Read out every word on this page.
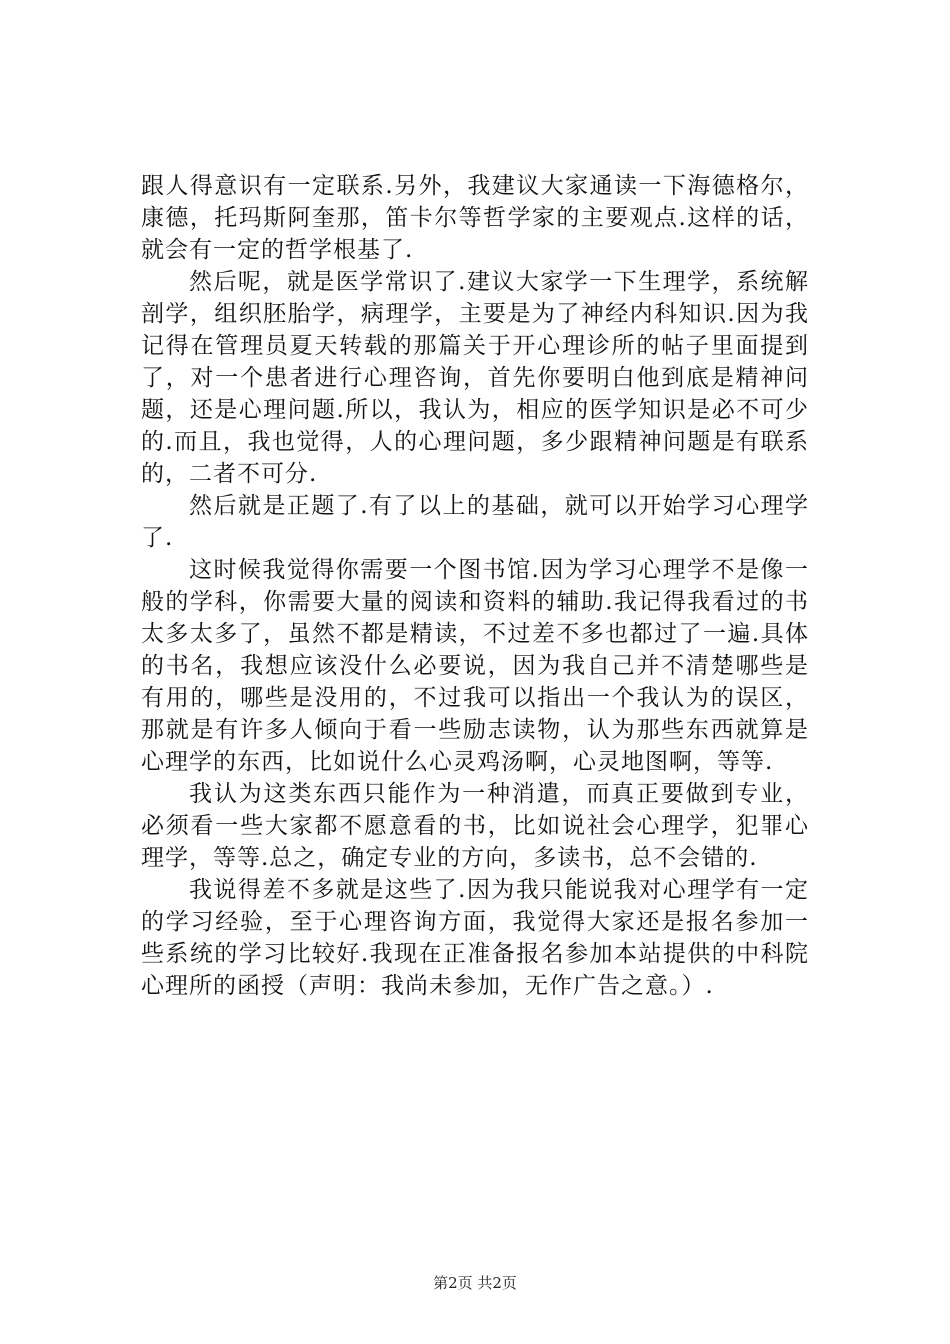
跟人得意识有一定联系.另外，我建议大家通读一下海德格尔，康德，托玛斯阿奎那，笛卡尔等哲学家的主要观点.这样的话，就会有一定的哲学根基了.

然后呢，就是医学常识了.建议大家学一下生理学，系统解剖学，组织胚胎学，病理学，主要是为了神经内科知识.因为我记得在管理员夏天转载的那篇关于开心理诊所的帖子里面提到了，对一个患者进行心理咨询，首先你要明白他到底是精神问题，还是心理问题.所以，我认为，相应的医学知识是必不可少的.而且，我也觉得，人的心理问题，多少跟精神问题是有联系的，二者不可分.

然后就是正题了.有了以上的基础，就可以开始学习心理学了.

这时候我觉得你需要一个图书馆.因为学习心理学不是像一般的学科，你需要大量的阅读和资料的辅助.我记得我看过的书太多太多了，虽然不都是精读，不过差不多也都过了一遍.具体的书名，我想应该没什么必要说，因为我自己并不清楚哪些是有用的，哪些是没用的，不过我可以指出一个我认为的误区，那就是有许多人倾向于看一些励志读物，认为那些东西就算是心理学的东西，比如说什么心灵鸡汤啊，心灵地图啊，等等.

我认为这类东西只能作为一种消遣，而真正要做到专业，必须看一些大家都不愿意看的书，比如说社会心理学，犯罪心理学，等等.总之，确定专业的方向，多读书，总不会错的.

我说得差不多就是这些了.因为我只能说我对心理学有一定的学习经验，至于心理咨询方面，我觉得大家还是报名参加一些系统的学习比较好.我现在正准备报名参加本站提供的中科院心理所的函授（声明：我尚未参加，无作广告之意。）.

第2页 共2页
